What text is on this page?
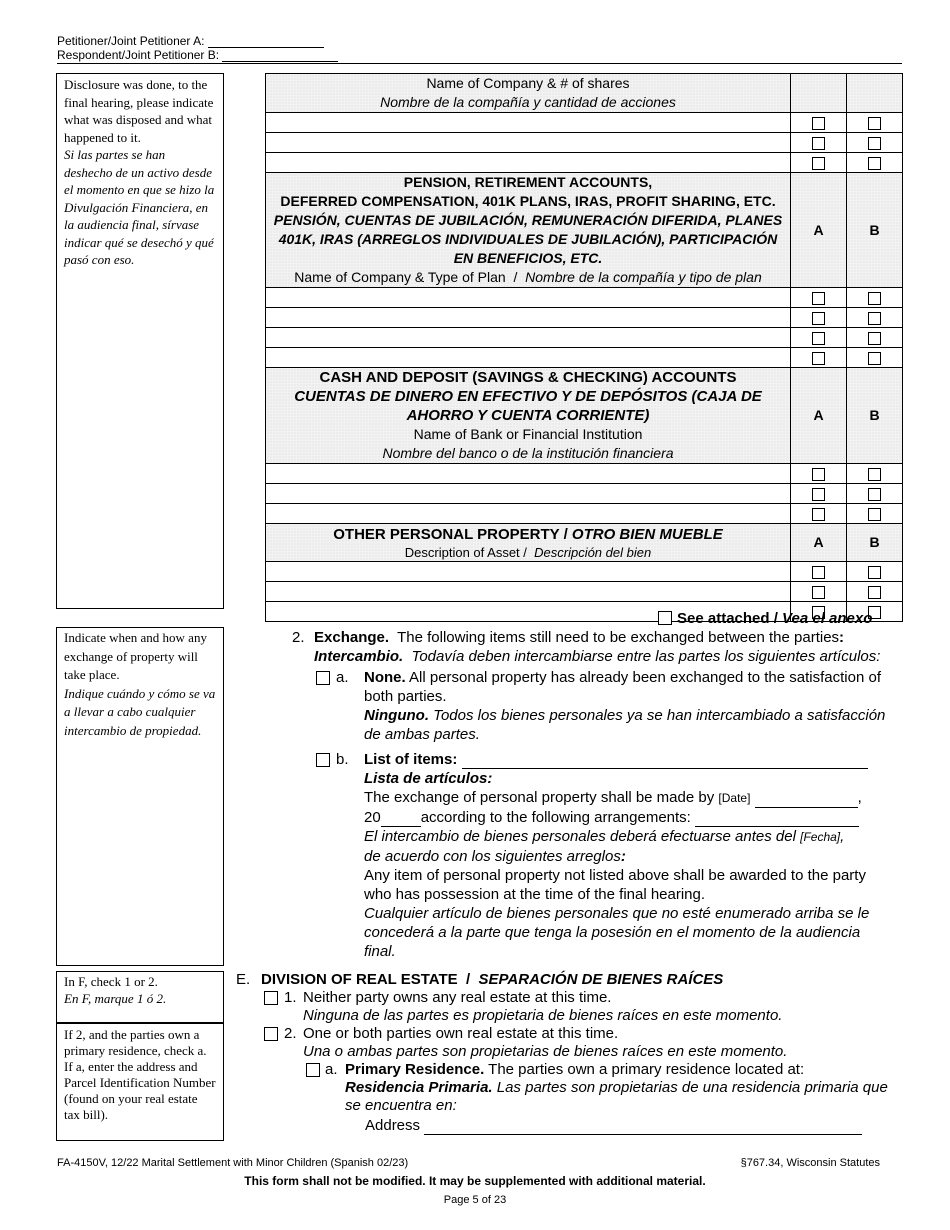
Petitioner/Joint Petitioner A:
Respondent/Joint Petitioner B:
Disclosure was done, to the final hearing, please indicate what was disposed and what happened to it.
Si las partes se han deshecho de un activo desde el momento en que se hizo la Divulgación Financiera, en la audiencia final, sírvase indicar qué se desechó y qué pasó con eso.
Indicate when and how any exchange of property will take place.
Indique cuándo y cómo se va a llevar a cabo cualquier intercambio de propiedad.
In F, check 1 or 2.
En F, marque 1 ó 2.
If 2, and the parties own a primary residence, check a. If a, enter the address and Parcel Identification Number (found on your real estate tax bill).
Name of Company & # of shares
Nombre de la compañía y cantidad de acciones		

PENSION, RETIREMENT ACCOUNTS,
DEFERRED COMPENSATION, 401K PLANS, IRAS, PROFIT SHARING, ETC.
PENSIÓN, CUENTAS DE JUBILACIÓN, REMUNERACIÓN DIFERIDA, PLANES 401K, IRAS (ARREGLOS INDIVIDUALES DE JUBILACIÓN), PARTICIPACIÓN EN BENEFICIOS, ETC.
Name of Company & Type of Plan  /  Nombre de la compañía y tipo de plan	A	B

CASH AND DEPOSIT (SAVINGS & CHECKING) ACCOUNTS
CUENTAS DE DINERO EN EFECTIVO Y DE DEPÓSITOS (CAJA DE AHORRO Y CUENTA CORRIENTE)
Name of Bank or Financial Institution
Nombre del banco o de la institución financiera	A	B

OTHER PERSONAL PROPERTY / OTRO BIEN MUEBLE
Description of Asset /  Descripción del bien	A	B

See attached / Vea el anexo
2. Exchange. The following items still need to be exchanged between the parties:
Intercambio. Todavía deben intercambiarse entre las partes los siguientes artículos:
a. None. All personal property has already been exchanged to the satisfaction of both parties.
Ninguno. Todos los bienes personales ya se han intercambiado a satisfacción de ambas partes.
b. List of items:
Lista de artículos:
The exchange of personal property shall be made by [Date]	,
20	according to the following arrangements:
El intercambio de bienes personales deberá efectuarse antes del [Fecha],
de acuerdo con los siguientes arreglos:
Any item of personal property not listed above shall be awarded to the party who has possession at the time of the final hearing.
Cualquier artículo de bienes personales que no esté enumerado arriba se le concederá a la parte que tenga la posesión en el momento de la audiencia final.
E. DIVISION OF REAL ESTATE  /  SEPARACIÓN DE BIENES RAÍCES
1. Neither party owns any real estate at this time.
Ninguna de las partes es propietaria de bienes raíces en este momento.
2. One or both parties own real estate at this time.
Una o ambas partes son propietarias de bienes raíces en este momento.
a. Primary Residence. The parties own a primary residence located at:
Residencia Primaria. Las partes son propietarias de una residencia primaria que se encuentra en:
Address
FA-4150V, 12/22 Marital Settlement with Minor Children (Spanish 02/23)	§767.34, Wisconsin Statutes
This form shall not be modified. It may be supplemented with additional material.
Page 5 of 23
